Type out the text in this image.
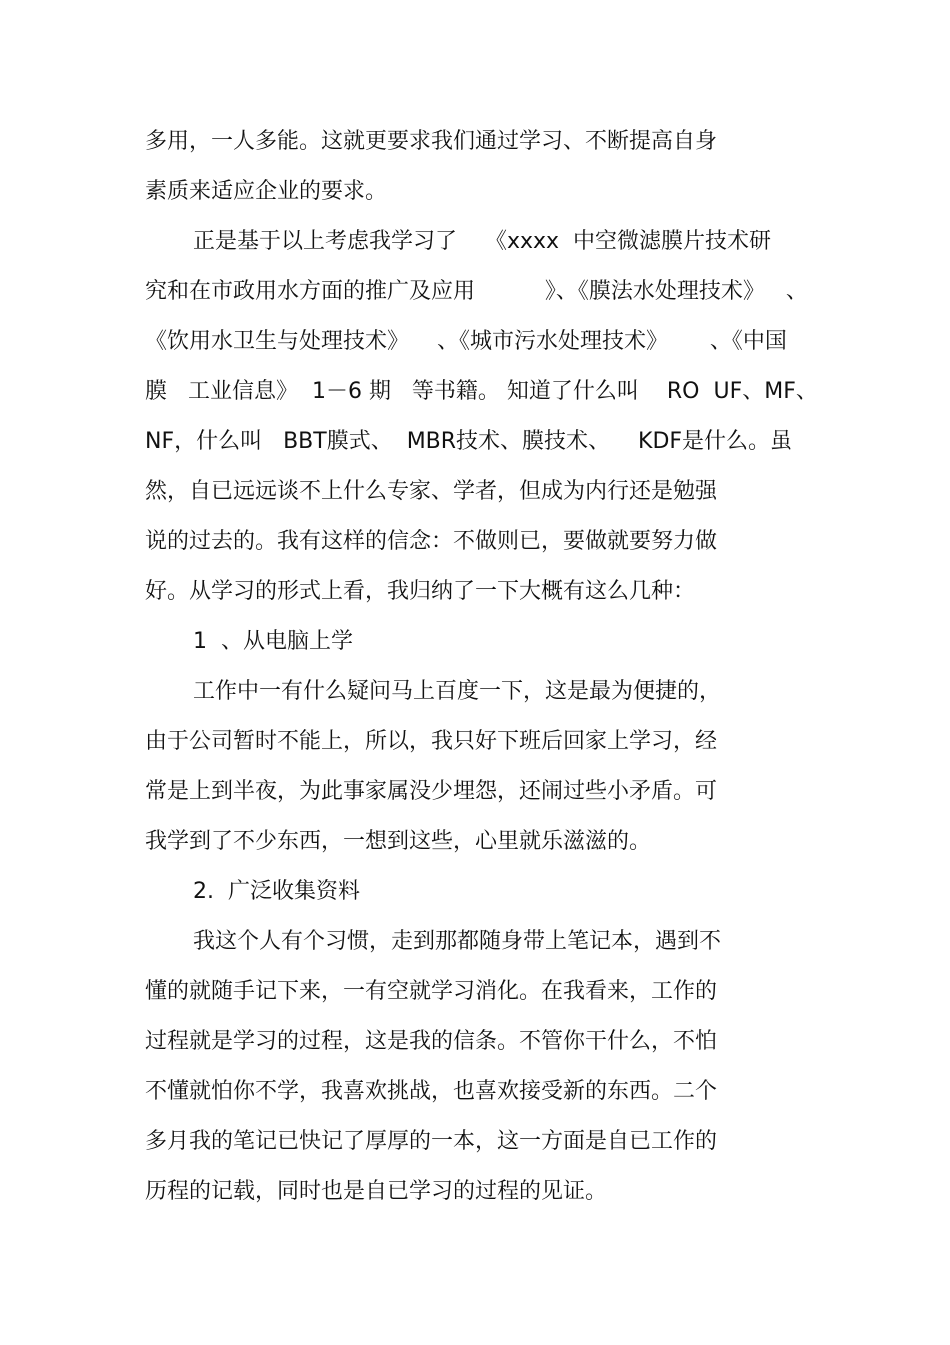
多用，一人多能。这就更要求我们通过学习、不断提高自身
素质来适应企业的要求。
正是基于以上考虑我学习了    《xxxx  中空微滤膜片技术研
究和在市政用水方面的推广及应用          》、《膜法水处理技术》   、
《饮用水卫生与处理技术》    、《城市污水处理技术》      、《中国
膜   工业信息》  1－6 期   等书籍。 知道了什么叫    RO  UF、MF、
NF，什么叫   BBT膜式、  MBR技术、膜技术、    KDF是什么。虽
然，自已远远谈不上什么专家、学者，但成为内行还是勉强
说的过去的。我有这样的信念：不做则已，要做就要努力做
好。从学习的形式上看，我归纳了一下大概有这么几种：
1  、从电脑上学
工作中一有什么疑问马上百度一下，这是最为便捷的，
由于公司暂时不能上，所以，我只好下班后回家上学习，经
常是上到半夜，为此事家属没少埋怨，还闹过些小矛盾。可
我学到了不少东西，一想到这些，心里就乐滋滋的。
2.  广泛收集资料
我这个人有个习惯，走到那都随身带上笔记本，遇到不
懂的就随手记下来，一有空就学习消化。在我看来，工作的
过程就是学习的过程，这是我的信条。不管你干什么，不怕
不懂就怕你不学，我喜欢挑战，也喜欢接受新的东西。二个
多月我的笔记已快记了厚厚的一本，这一方面是自已工作的
历程的记载，同时也是自已学习的过程的见证。
